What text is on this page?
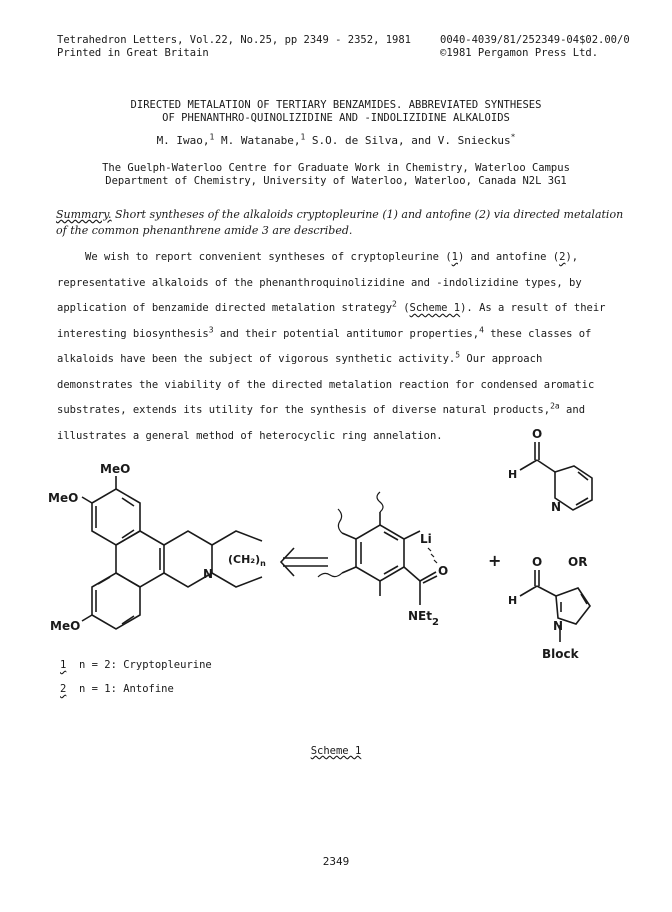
Tetrahedron Letters, Vol.22, No.25, pp 2349 - 2352, 1981
Printed in Great Britain
0040-4039/81/252349-04$02.00/0
©1981 Pergamon Press Ltd.
DIRECTED METALATION OF TERTIARY BENZAMIDES. ABBREVIATED SYNTHESES
OF PHENANTHRO-QUINOLIZIDINE AND -INDOLIZIDINE ALKALOIDS
M. Iwao,$^1$ M. Watanabe,$^1$ S.O. de Silva, and V. Snieckus*
The Guelph-Waterloo Centre for Graduate Work in Chemistry, Waterloo Campus
Department of Chemistry, University of Waterloo, Waterloo, Canada N2L 3G1
Summary. Short syntheses of the alkaloids cryptopleurine (1) and antofine (2) via directed metalation of the common phenanthrene amide 3 are described.

We wish to report convenient syntheses of cryptopleurine (1) and antofine (2), representative alkaloids of the phenanthroquinolizidine and -indolizidine types, by application of benzamide directed metalation strategy$^2$ (Scheme 1). As a result of their interesting biosynthesis$^3$ and their potential antitumor properties,$^4$ these classes of alkaloids have been the subject of vigorous synthetic activity.$^5$ Our approach demonstrates the viability of the directed metalation reaction for condensed aromatic substrates, extends its utility for the synthesis of diverse natural products,$^{2a}$ and illustrates a general method of heterocyclic ring annelation.

MeO
MeO
MeO
$(CH_2)_n$
N
Li
O
NEt$_2$
+	OR
O
H
N
O
H
N
Block
1 n = 2: Cryptopleurine
2 n = 1: Antofine
Scheme 1
2349
